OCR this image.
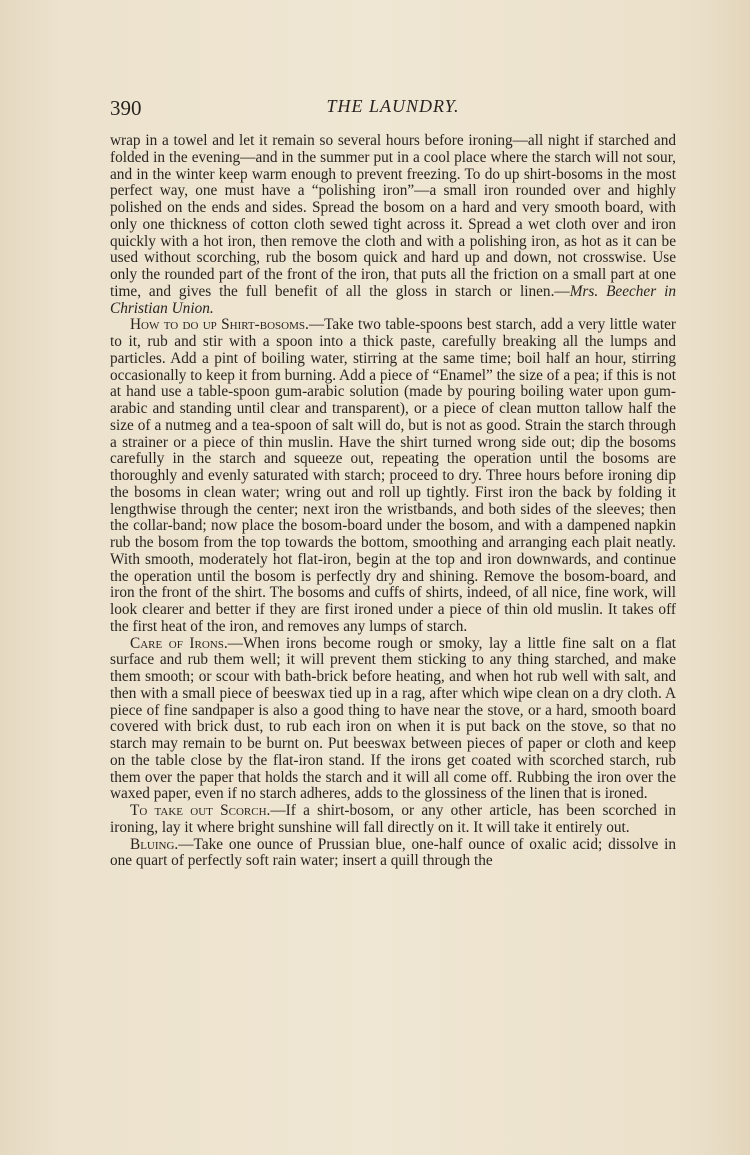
390	THE LAUNDRY.

wrap in a towel and let it remain so several hours before ironing—all night if starched and folded in the evening—and in the summer put in a cool place where the starch will not sour, and in the winter keep warm enough to prevent freezing. To do up shirt-bosoms in the most perfect way, one must have a “polishing iron”—a small iron rounded over and highly polished on the ends and sides. Spread the bosom on a hard and very smooth board, with only one thickness of cotton cloth sewed tight across it. Spread a wet cloth over and iron quickly with a hot iron, then remove the cloth and with a polishing iron, as hot as it can be used without scorching, rub the bosom quick and hard up and down, not crosswise. Use only the rounded part of the front of the iron, that puts all the friction on a small part at one time, and gives the full benefit of all the gloss in starch or linen.—Mrs. Beecher in Christian Union.

How to do up Shirt-bosoms.—Take two table-spoons best starch, add a very little water to it, rub and stir with a spoon into a thick paste, carefully breaking all the lumps and particles. Add a pint of boiling water, stirring at the same time; boil half an hour, stirring occasionally to keep it from burning. Add a piece of “Enamel” the size of a pea; if this is not at hand use a table-spoon gum-arabic solution (made by pouring boiling water upon gum-arabic and standing until clear and transparent), or a piece of clean mutton tallow half the size of a nutmeg and a tea-spoon of salt will do, but is not as good. Strain the starch through a strainer or a piece of thin muslin. Have the shirt turned wrong side out; dip the bosoms carefully in the starch and squeeze out, repeating the operation until the bosoms are thoroughly and evenly saturated with starch; proceed to dry. Three hours before ironing dip the bosoms in clean water; wring out and roll up tightly. First iron the back by folding it lengthwise through the center; next iron the wristbands, and both sides of the sleeves; then the collar-band; now place the bosom-board under the bosom, and with a dampened napkin rub the bosom from the top towards the bottom, smoothing and arranging each plait neatly. With smooth, moderately hot flat-iron, begin at the top and iron downwards, and continue the operation until the bosom is perfectly dry and shining. Remove the bosom-board, and iron the front of the shirt. The bosoms and cuffs of shirts, indeed, of all nice, fine work, will look clearer and better if they are first ironed under a piece of thin old muslin. It takes off the first heat of the iron, and removes any lumps of starch.

Care of Irons.—When irons become rough or smoky, lay a little fine salt on a flat surface and rub them well; it will prevent them sticking to any thing starched, and make them smooth; or scour with bath-brick before heating, and when hot rub well with salt, and then with a small piece of beeswax tied up in a rag, after which wipe clean on a dry cloth. A piece of fine sandpaper is also a good thing to have near the stove, or a hard, smooth board covered with brick dust, to rub each iron on when it is put back on the stove, so that no starch may remain to be burnt on. Put beeswax between pieces of paper or cloth and keep on the table close by the flat-iron stand. If the irons get coated with scorched starch, rub them over the paper that holds the starch and it will all come off. Rubbing the iron over the waxed paper, even if no starch adheres, adds to the glossiness of the linen that is ironed.

To take out Scorch.—If a shirt-bosom, or any other article, has been scorched in ironing, lay it where bright sunshine will fall directly on it. It will take it entirely out.

Bluing.—Take one ounce of Prussian blue, one-half ounce of oxalic acid; dissolve in one quart of perfectly soft rain water; insert a quill through the
